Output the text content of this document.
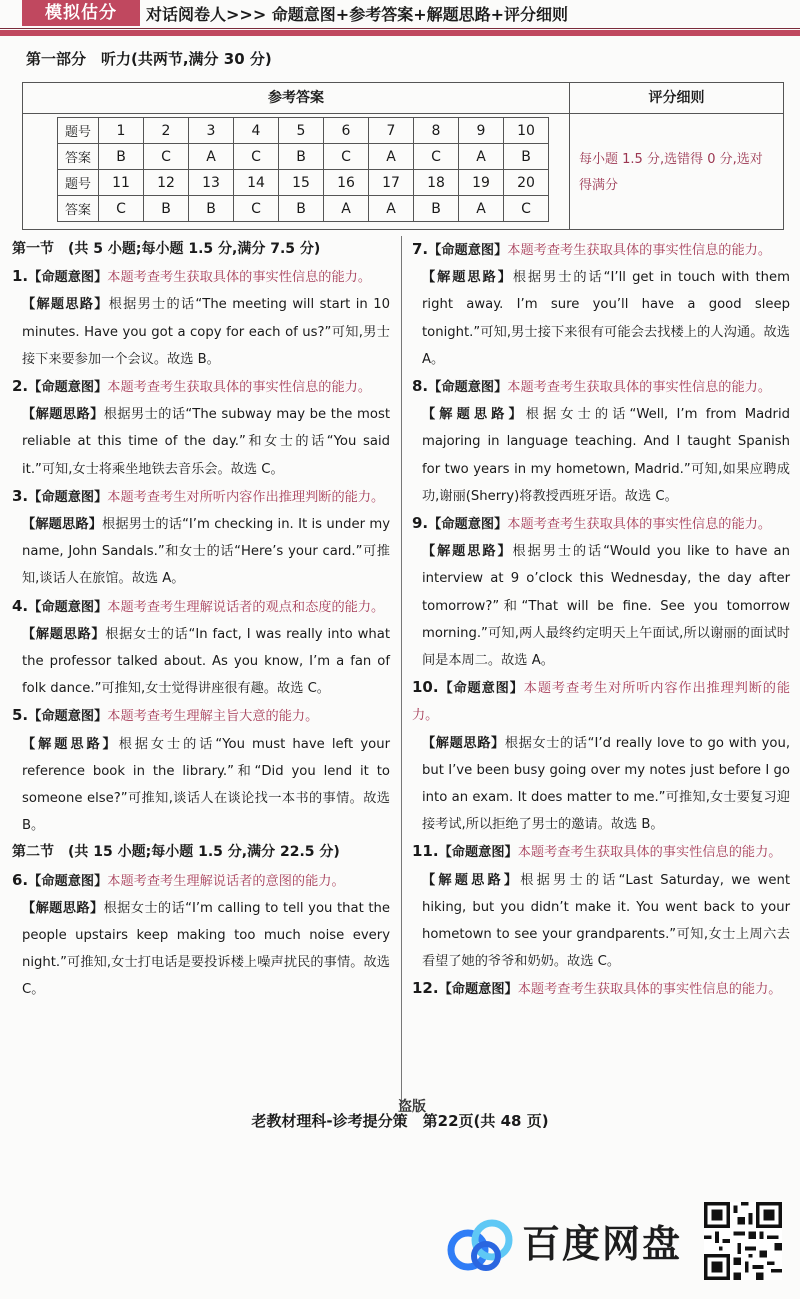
模拟估分	对话阅卷人>>> 命题意图+参考答案+解题思路+评分细则
第一部分　听力(共两节,满分 30 分)
参考答案	评分细则
题号	1	2	3	4	5	6	7	8	9	10
答案	B	C	A	C	B	C	A	C	A	B
题号	11	12	13	14	15	16	17	18	19	20
答案	C	B	B	C	B	A	A	B	A	C
每小题 1.5 分,选错得 0 分,选对得满分

第一节　(共 5 小题;每小题 1.5 分,满分 7.5 分)

1.【命题意图】本题考查考生获取具体的事实性信息的能力。

【解题思路】根据男士的话“The meeting will start in 10 minutes. Have you got a copy for each of us?”可知,男士接下来要参加一个会议。故选 B。

2.【命题意图】本题考查考生获取具体的事实性信息的能力。

【解题思路】根据男士的话“The subway may be the most reliable at this time of the day.”和女士的话“You said it.”可知,女士将乘坐地铁去音乐会。故选 C。

3.【命题意图】本题考查考生对所听内容作出推理判断的能力。

【解题思路】根据男士的话“I’m checking in. It is under my name, John Sandals.”和女士的话“Here’s your card.”可推知,谈话人在旅馆。故选 A。

4.【命题意图】本题考查考生理解说话者的观点和态度的能力。

【解题思路】根据女士的话“In fact, I was really into what the professor talked about. As you know, I’m a fan of folk dance.”可推知,女士觉得讲座很有趣。故选 C。

5.【命题意图】本题考查考生理解主旨大意的能力。

【解题思路】根据女士的话“You must have left your reference book in the library.”和“Did you lend it to someone else?”可推知,谈话人在谈论找一本书的事情。故选 B。

第二节　(共 15 小题;每小题 1.5 分,满分 22.5 分)

6.【命题意图】本题考查考生理解说话者的意图的能力。

【解题思路】根据女士的话“I’m calling to tell you that the people upstairs keep making too much noise every night.”可推知,女士打电话是要投诉楼上噪声扰民的事情。故选 C。

7.【命题意图】本题考查考生获取具体的事实性信息的能力。

【解题思路】根据男士的话“I’ll get in touch with them right away. I’m sure you’ll have a good sleep tonight.”可知,男士接下来很有可能会去找楼上的人沟通。故选 A。

8.【命题意图】本题考查考生获取具体的事实性信息的能力。

【解题思路】根据女士的话“Well, I’m from Madrid majoring in language teaching. And I taught Spanish for two years in my hometown, Madrid.”可知,如果应聘成功,谢丽(Sherry)将教授西班牙语。故选 C。

9.【命题意图】本题考查考生获取具体的事实性信息的能力。

【解题思路】根据男士的话“Would you like to have an interview at 9 o’clock this Wednesday, the day after tomorrow?”和“That will be fine. See you tomorrow morning.”可知,两人最终约定明天上午面试,所以谢丽的面试时间是本周二。故选 A。

10.【命题意图】本题考查考生对所听内容作出推理判断的能力。

【解题思路】根据女士的话“I’d really love to go with you, but I’ve been busy going over my notes just before I go into an exam. It does matter to me.”可推知,女士要复习迎接考试,所以拒绝了男士的邀请。故选 B。

11.【命题意图】本题考查考生获取具体的事实性信息的能力。

【解题思路】根据男士的话“Last Saturday, we went hiking, but you didn’t make it. You went back to your hometown to see your grandparents.”可知,女士上周六去看望了她的爷爷和奶奶。故选 C。

12.【命题意图】本题考查考生获取具体的事实性信息的能力。

盗版
老教材理科-诊考提分策　第22页(共 48 页)
百度网盘
